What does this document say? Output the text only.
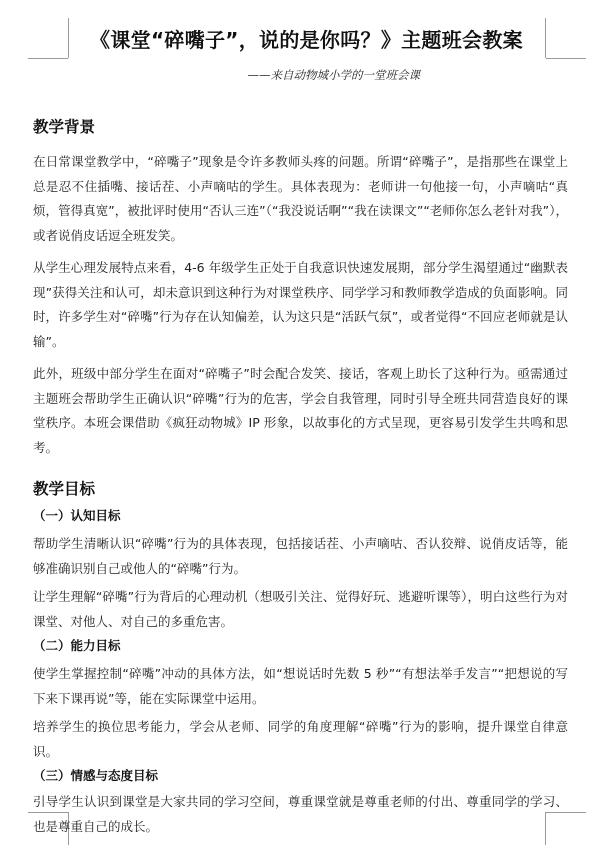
《课堂“碎嘴子”，说的是你吗？》主题班会教案
——来自动物城小学的一堂班会课
教学背景

在日常课堂教学中，“碎嘴子”现象是令许多教师头疼的问题。所谓“碎嘴子”，是指那些在课堂上总是忍不住插嘴、接话茬、小声嘀咕的学生。具体表现为：老师讲一句他接一句，小声嘀咕“真烦，管得真宽”，被批评时使用“否认三连”（“我没说话啊”“我在读课文”“老师你怎么老针对我”），或者说俏皮话逗全班发笑。

从学生心理发展特点来看，4-6 年级学生正处于自我意识快速发展期，部分学生渴望通过“幽默表现”获得关注和认可，却未意识到这种行为对课堂秩序、同学学习和教师教学造成的负面影响。同时，许多学生对“碎嘴”行为存在认知偏差，认为这只是“活跃气氛”，或者觉得“不回应老师就是认输”。

此外，班级中部分学生在面对“碎嘴子”时会配合发笑、接话，客观上助长了这种行为。亟需通过主题班会帮助学生正确认识“碎嘴”行为的危害，学会自我管理，同时引导全班共同营造良好的课堂秩序。本班会课借助《疯狂动物城》IP 形象，以故事化的方式呈现，更容易引发学生共鸣和思考。

教学目标
（一）认知目标

帮助学生清晰认识“碎嘴”行为的具体表现，包括接话茬、小声嘀咕、否认狡辩、说俏皮话等，能够准确识别自己或他人的“碎嘴”行为。

让学生理解“碎嘴”行为背后的心理动机（想吸引关注、觉得好玩、逃避听课等），明白这些行为对课堂、对他人、对自己的多重危害。

（二）能力目标

使学生掌握控制“碎嘴”冲动的具体方法，如“想说话时先数 5 秒”“有想法举手发言”“把想说的写下来下课再说”等，能在实际课堂中运用。

培养学生的换位思考能力，学会从老师、同学的角度理解“碎嘴”行为的影响，提升课堂自律意识。

（三）情感与态度目标

引导学生认识到课堂是大家共同的学习空间，尊重课堂就是尊重老师的付出、尊重同学的学习、也是尊重自己的成长。
